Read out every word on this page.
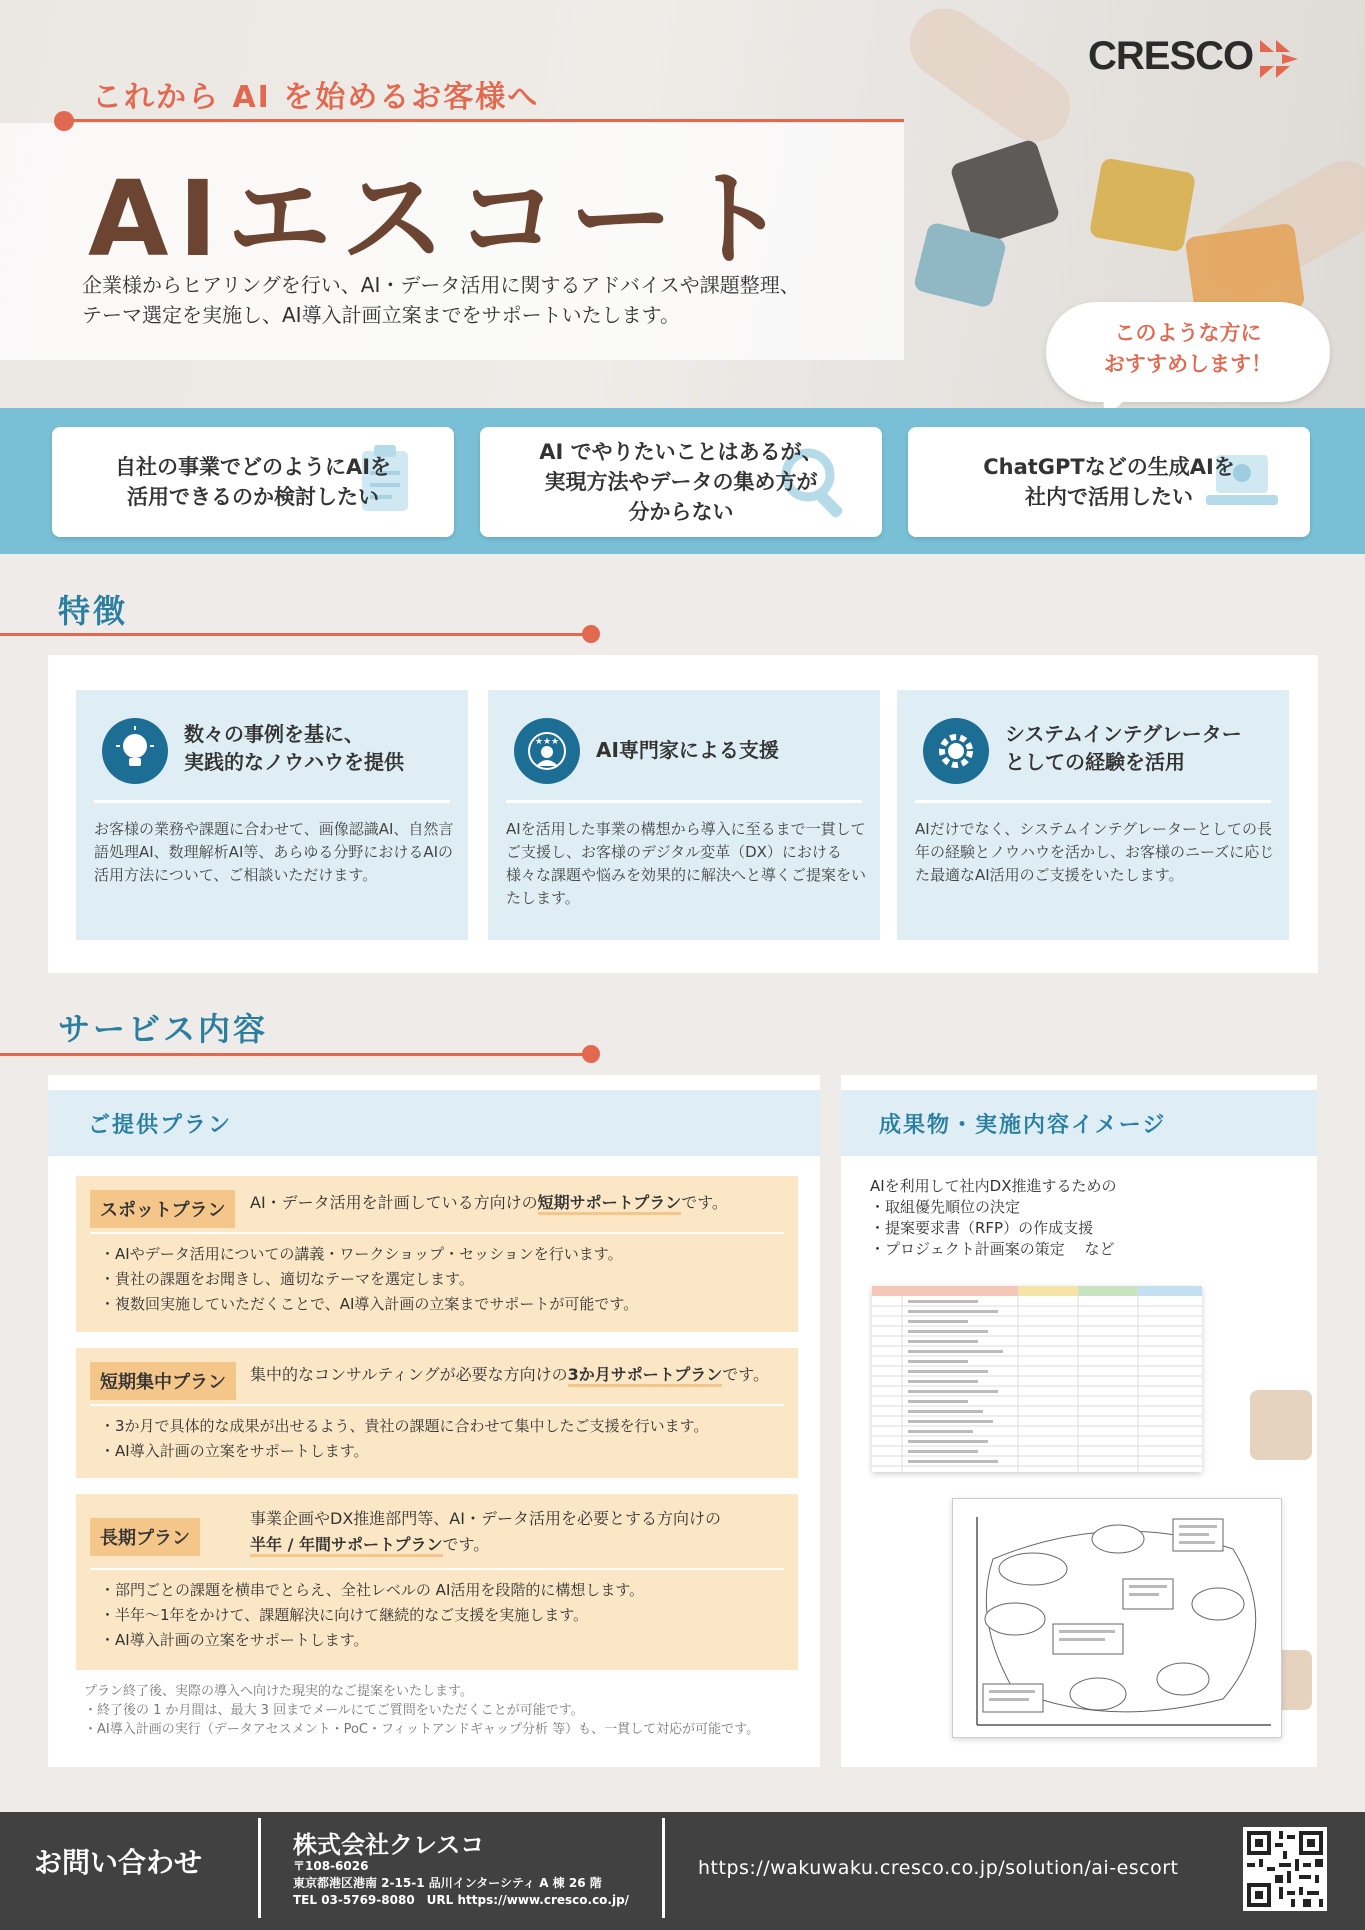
CRESCO
これから AI を始めるお客様へ
AIエスコート
企業様からヒアリングを行い、AI・データ活用に関するアドバイスや課題整理、
テーマ選定を実施し、AI導入計画立案までをサポートいたします。
このような方に
おすすめします！
自社の事業でどのようにAIを
活用できるのか検討したい
AI でやりたいことはあるが、
実現方法やデータの集め方が
分からない
ChatGPTなどの生成AIを
社内で活用したい
特徴
数々の事例を基に、
実践的なノウハウを提供
お客様の業務や課題に合わせて、画像認識AI、自然言語処理AI、数理解析AI等、あらゆる分野におけるAIの活用方法について、ご相談いただけます。
★★★ AI専門家による支援
AIを活用した事業の構想から導入に至るまで一貫してご支援し、お客様のデジタル変革（DX）における様々な課題や悩みを効果的に解決へと導くご提案をいたします。
システムインテグレーター
としての経験を活用
AIだけでなく、システムインテグレーターとしての長年の経験とノウハウを活かし、お客様のニーズに応じた最適なAI活用のご支援をいたします。
サービス内容
ご提供プラン
スポットプラン	AI・データ活用を計画している方向けの短期サポートプランです。
・ AIやデータ活用についての講義・ワークショップ・セッションを行います。
・ 貴社の課題をお聞きし、適切なテーマを選定します。
・ 複数回実施していただくことで、AI導入計画の立案までサポートが可能です。
短期集中プラン	集中的なコンサルティングが必要な方向けの3か月サポートプランです。
・ 3か月で具体的な成果が出せるよう、貴社の課題に合わせて集中したご支援を行います。
・ AI導入計画の立案をサポートします。
長期プラン
事業企画やDX推進部門等、AI・データ活用を必要とする方向けの
半年 / 年間サポートプランです。
・ 部門ごとの課題を横串でとらえ、全社レベルの AI活用を段階的に構想します。
・ 半年～1年をかけて、課題解決に向けて継続的なご支援を実施します。
・ AI導入計画の立案をサポートします。
プラン終了後、実際の導入へ向けた現実的なご提案をいたします。
・終了後の 1 か月間は、最大 3 回までメールにてご質問をいただくことが可能です。
・AI導入計画の実行（データアセスメント・PoC・フィットアンドギャップ分析 等）も、一貫して対応が可能です。
成果物・実施内容イメージ
AIを利用して社内DX推進するための
・取組優先順位の決定
・提案要求書（RFP）の作成支援
・プロジェクト計画案の策定　 など
お問い合わせ
株式会社クレスコ
〒108-6026
東京都港区港南 2-15-1 品川インターシティ A 棟 26 階
TEL 03-5769-8080　URL https://www.cresco.co.jp/
https://wakuwaku.cresco.co.jp/solution/ai-escort
